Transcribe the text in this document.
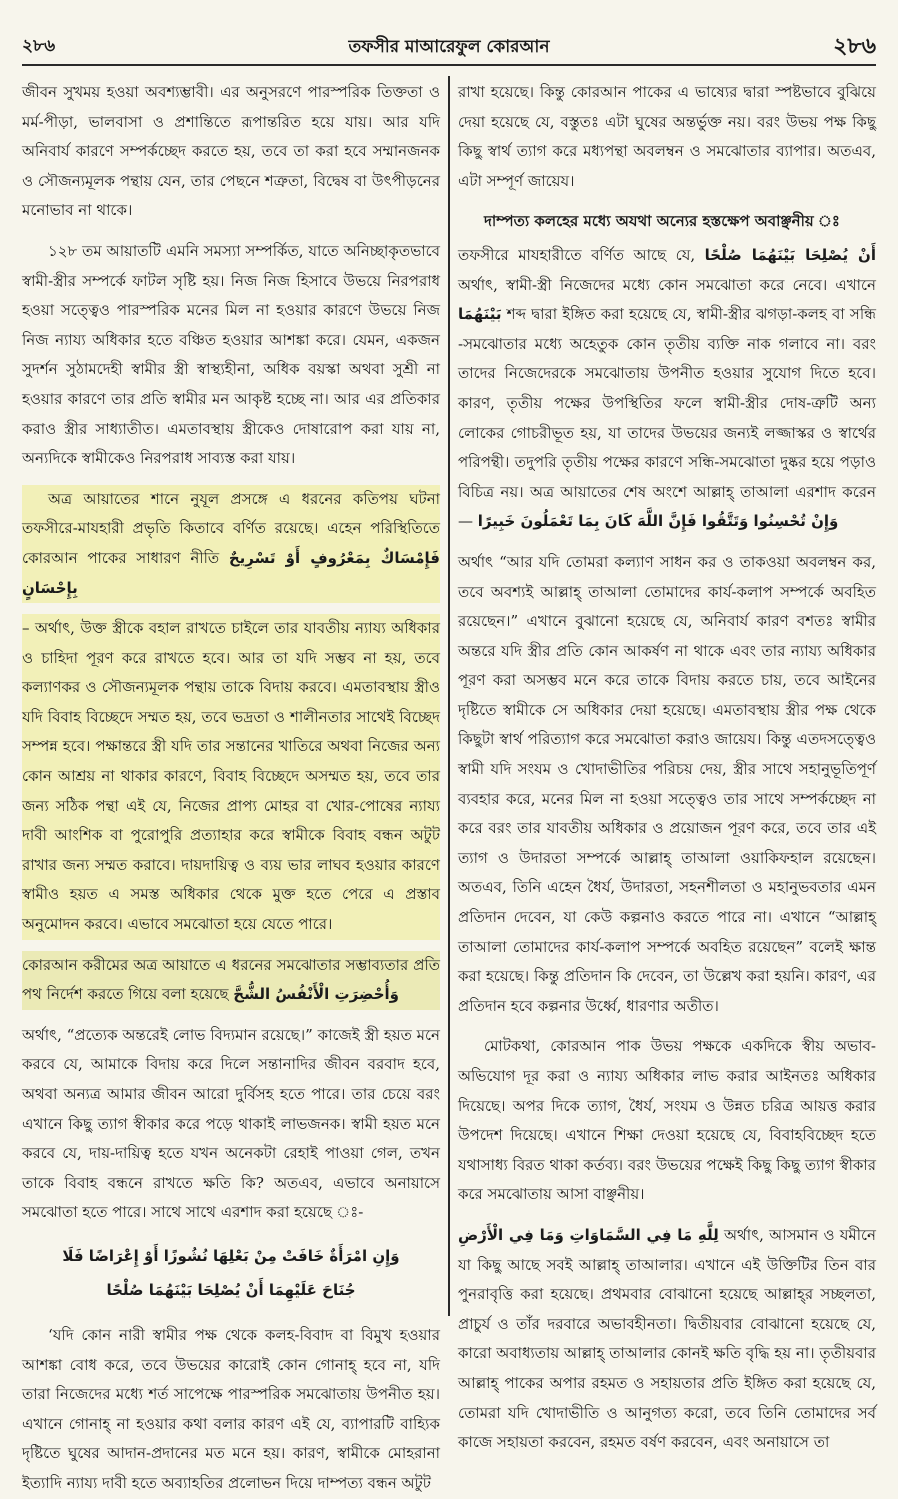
২৮৬	তফসীর মাআরেফুল কোরআন	২৮৬

জীবন সুখময় হওয়া অবশ্যম্ভাবী। এর অনুসরণে পারস্পরিক তিক্ততা ও মর্ম-পীড়া, ভালবাসা ও প্রশান্তিতে রূপান্তরিত হয়ে যায়। আর যদি অনিবার্য কারণে সম্পর্কচ্ছেদ করতে হয়, তবে তা করা হবে সম্মানজনক ও সৌজন্যমূলক পন্থায় যেন, তার পেছনে শত্রুতা, বিদ্বেষ বা উৎপীড়নের মনোভাব না থাকে।

১২৮ তম আয়াতটি এমনি সমস্যা সম্পর্কিত, যাতে অনিচ্ছাকৃতভাবে স্বামী-স্ত্রীর সম্পর্কে ফাটল সৃষ্টি হয়। নিজ নিজ হিসাবে উভয়ে নিরপরাধ হওয়া সত্ত্বেও পারস্পরিক মনের মিল না হওয়ার কারণে উভয়ে নিজ নিজ ন্যায্য অধিকার হতে বঞ্চিত হওয়ার আশঙ্কা করে। যেমন, একজন সুদর্শন সুঠামদেহী স্বামীর স্ত্রী স্বাস্থ্যহীনা, অধিক বয়স্কা অথবা সুশ্রী না হওয়ার কারণে তার প্রতি স্বামীর মন আকৃষ্ট হচ্ছে না। আর এর প্রতিকার করাও স্ত্রীর সাধ্যাতীত। এমতাবস্থায় স্ত্রীকেও দোষারোপ করা যায় না, অন্যদিকে স্বামীকেও নিরপরাধ সাব্যস্ত করা যায়।

অত্র আয়াতের শানে নুযূল প্রসঙ্গে এ ধরনের কতিপয় ঘটনা তফসীরে-মাযহারী প্রভৃতি কিতাবে বর্ণিত রয়েছে। এহেন পরিস্থিতিতে কোরআন পাকের সাধারণ নীতি فَإِمْسَاكٌ بِمَعْرُوفٍ أَوْ تَسْرِيحٌ بِإِحْسَانٍ

– অর্থাৎ, উক্ত স্ত্রীকে বহাল রাখতে চাইলে তার যাবতীয় ন্যায্য অধিকার ও চাহিদা পূরণ করে রাখতে হবে। আর তা যদি সম্ভব না হয়, তবে কল্যাণকর ও সৌজন্যমূলক পন্থায় তাকে বিদায় করবে। এমতাবস্থায় স্ত্রীও যদি বিবাহ বিচ্ছেদে সম্মত হয়, তবে ভদ্রতা ও শালীনতার সাথেই বিচ্ছেদ সম্পন্ন হবে। পক্ষান্তরে স্ত্রী যদি তার সন্তানের খাতিরে অথবা নিজের অন্য কোন আশ্রয় না থাকার কারণে, বিবাহ বিচ্ছেদে অসম্মত হয়, তবে তার জন্য সঠিক পন্থা এই যে, নিজের প্রাপ্য মোহর বা খোর-পোষের ন্যায্য দাবী আংশিক বা পুরোপুরি প্রত্যাহার করে স্বামীকে বিবাহ বন্ধন অটুট রাখার জন্য সম্মত করাবে। দায়দায়িত্ব ও ব্যয় ভার লাঘব হওয়ার কারণে স্বামীও হয়ত এ সমস্ত অধিকার থেকে মুক্ত হতে পেরে এ প্রস্তাব অনুমোদন করবে। এভাবে সমঝোতা হয়ে যেতে পারে।

কোরআন করীমের অত্র আয়াতে এ ধরনের সমঝোতার সম্ভাব্যতার প্রতি পথ নির্দেশ করতে গিয়ে বলা হয়েছে وَأُحْضِرَتِ الْأَنْفُسُ الشُّحَّ

অর্থাৎ, “প্রত্যেক অন্তরেই লোভ বিদ্যমান রয়েছে।” কাজেই স্ত্রী হয়ত মনে করবে যে, আমাকে বিদায় করে দিলে সন্তানাদির জীবন বরবাদ হবে, অথবা অন্যত্র আমার জীবন আরো দুর্বিসহ হতে পারে। তার চেয়ে বরং এখানে কিছু ত্যাগ স্বীকার করে পড়ে থাকাই লাভজনক। স্বামী হয়ত মনে করবে যে, দায়-দায়িত্ব হতে যখন অনেকটা রেহাই পাওয়া গেল, তখন তাকে বিবাহ বন্ধনে রাখতে ক্ষতি কি? অতএব, এভাবে অনায়াসে সমঝোতা হতে পারে। সাথে সাথে এরশাদ করা হয়েছে ঃ-

وَإِنِ امْرَأَةٌ خَافَتْ مِنْ بَعْلِهَا نُشُوزًا أَوْ إِعْرَاضًا فَلَا
جُنَاحَ عَلَيْهِمَا أَنْ يُصْلِحَا بَيْنَهُمَا صُلْحًا

‘যদি কোন নারী স্বামীর পক্ষ থেকে কলহ-বিবাদ বা বিমুখ হওয়ার আশঙ্কা বোধ করে, তবে উভয়ের কারোই কোন গোনাহ্ হবে না, যদি তারা নিজেদের মধ্যে শর্ত সাপেক্ষে পারস্পরিক সমঝোতায় উপনীত হয়। এখানে গোনাহ্ না হওয়ার কথা বলার কারণ এই যে, ব্যাপারটি বাহ্যিক দৃষ্টিতে ঘুষের আদান-প্রদানের মত মনে হয়। কারণ, স্বামীকে মোহরানা ইত্যাদি ন্যায্য দাবী হতে অব্যাহতির প্রলোভন দিয়ে দাম্পত্য বন্ধন অটুট

রাখা হয়েছে। কিন্তু কোরআন পাকের এ ভাষ্যের দ্বারা স্পষ্টভাবে বুঝিয়ে দেয়া হয়েছে যে, বস্তুতঃ এটা ঘুষের অন্তর্ভুক্ত নয়। বরং উভয় পক্ষ কিছু কিছু স্বার্থ ত্যাগ করে মধ্যপন্থা অবলম্বন ও সমঝোতার ব্যাপার। অতএব, এটা সম্পূর্ণ জায়েয।

দাম্পত্য কলহের মধ্যে অযথা অন্যের হস্তক্ষেপ অবাঞ্ছনীয় ঃ

তফসীরে মাযহারীতে বর্ণিত আছে যে, أَنْ يُصْلِحَا بَيْنَهُمَا صُلْحًا অর্থাৎ, স্বামী-স্ত্রী নিজেদের মধ্যে কোন সমঝোতা করে নেবে। এখানে بَيْنَهُمَا শব্দ দ্বারা ইঙ্গিত করা হয়েছে যে, স্বামী-স্ত্রীর ঝগড়া-কলহ বা সন্ধি -সমঝোতার মধ্যে অহেতুক কোন তৃতীয় ব্যক্তি নাক গলাবে না। বরং তাদের নিজেদেরকে সমঝোতায় উপনীত হওয়ার সুযোগ দিতে হবে। কারণ, তৃতীয় পক্ষের উপস্থিতির ফলে স্বামী-স্ত্রীর দোষ-ত্রুটি অন্য লোকের গোচরীভূত হয়, যা তাদের উভয়ের জন্যই লজ্জাস্কর ও স্বার্থের পরিপন্থী। তদুপরি তৃতীয় পক্ষের কারণে সন্ধি-সমঝোতা দুষ্কর হয়ে পড়াও বিচিত্র নয়। অত্র আয়াতের শেষ অংশে আল্লাহ্ তাআলা এরশাদ করেন— وَإِنْ تُحْسِنُوا وَتَتَّقُوا فَإِنَّ اللَّهَ كَانَ بِمَا تَعْمَلُونَ خَبِيرًا

অর্থাৎ “আর যদি তোমরা কল্যাণ সাধন কর ও তাকওয়া অবলম্বন কর, তবে অবশ্যই আল্লাহ্ তাআলা তোমাদের কার্য-কলাপ সম্পর্কে অবহিত রয়েছেন।” এখানে বুঝানো হয়েছে যে, অনিবার্য কারণ বশতঃ স্বামীর অন্তরে যদি স্ত্রীর প্রতি কোন আকর্ষণ না থাকে এবং তার ন্যায্য অধিকার পূরণ করা অসম্ভব মনে করে তাকে বিদায় করতে চায়, তবে আইনের দৃষ্টিতে স্বামীকে সে অধিকার দেয়া হয়েছে। এমতাবস্থায় স্ত্রীর পক্ষ থেকে কিছুটা স্বার্থ পরিত্যাগ করে সমঝোতা করাও জায়েয। কিন্তু এতদসত্ত্বেও স্বামী যদি সংযম ও খোদাভীতির পরিচয় দেয়, স্ত্রীর সাথে সহানুভূতিপূর্ণ ব্যবহার করে, মনের মিল না হওয়া সত্ত্বেও তার সাথে সম্পর্কচ্ছেদ না করে বরং তার যাবতীয় অধিকার ও প্রয়োজন পূরণ করে, তবে তার এই ত্যাগ ও উদারতা সম্পর্কে আল্লাহ্ তাআলা ওয়াকিফহাল রয়েছেন। অতএব, তিনি এহেন ধৈর্য, উদারতা, সহনশীলতা ও মহানুভবতার এমন প্রতিদান দেবেন, যা কেউ কল্পনাও করতে পারে না। এখানে “আল্লাহ্ তাআলা তোমাদের কার্য-কলাপ সম্পর্কে অবহিত রয়েছেন” বলেই ক্ষান্ত করা হয়েছে। কিন্তু প্রতিদান কি দেবেন, তা উল্লেখ করা হয়নি। কারণ, এর প্রতিদান হবে কল্পনার উর্ধ্বে, ধারণার অতীত।

মোটকথা, কোরআন পাক উভয় পক্ষকে একদিকে স্বীয় অভাব-অভিযোগ দূর করা ও ন্যায্য অধিকার লাভ করার আইনতঃ অধিকার দিয়েছে। অপর দিকে ত্যাগ, ধৈর্য, সংযম ও উন্নত চরিত্র আয়ত্ত করার উপদেশ দিয়েছে। এখানে শিক্ষা দেওয়া হয়েছে যে, বিবাহবিচ্ছেদ হতে যথাসাধ্য বিরত থাকা কর্তব্য। বরং উভয়ের পক্ষেই কিছু কিছু ত্যাগ স্বীকার করে সমঝোতায় আসা বাঞ্ছনীয়।

لِلَّهِ مَا فِي السَّمَاوَاتِ وَمَا فِي الْأَرْضِ অর্থাৎ, আসমান ও যমীনে যা কিছু আছে সবই আল্লাহ্ তাআলার। এখানে এই উক্তিটির তিন বার পুনরাবৃত্তি করা হয়েছে। প্রথমবার বোঝানো হয়েছে আল্লাহ্‌র সচ্ছলতা, প্রাচুর্য ও তাঁর দরবারে অভাবহীনতা। দ্বিতীয়বার বোঝানো হয়েছে যে, কারো অবাধ্যতায় আল্লাহ্ তাআলার কোনই ক্ষতি বৃদ্ধি হয় না। তৃতীয়বার আল্লাহ্ পাকের অপার রহমত ও সহায়তার প্রতি ইঙ্গিত করা হয়েছে যে, তোমরা যদি খোদাভীতি ও আনুগত্য করো, তবে তিনি তোমাদের সর্ব কাজে সহায়তা করবেন, রহমত বর্ষণ করবেন, এবং অনায়াসে তা
